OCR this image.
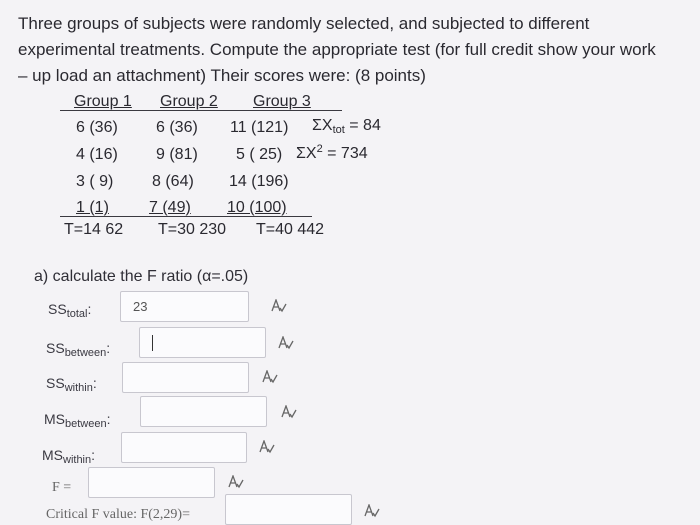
Three groups of subjects were randomly selected, and subjected to different
experimental treatments. Compute the appropriate test (for full credit show your work
– up load an attachment) Their scores were: (8 points)
Group 1 Group 2 Group 3
6 (36) 6 (36) 11 (121) $\Sigma X_{tot} = 84$
4 (16) 9 (81) 5 ( 25) $\Sigma X^2 = 734$
3 ( 9) 8 (64) 14 (196)
1 (1)	7 (49) 10 (100)
T=14 62 T=30 230 T=40 442
a) calculate the F ratio (α=.05)
$SS_{total}$:	23
$SS_{between}$:
$SS_{within}$:
$MS_{between}$:
$MS_{within}$:
F =
Critical F value: F(2,29)=
